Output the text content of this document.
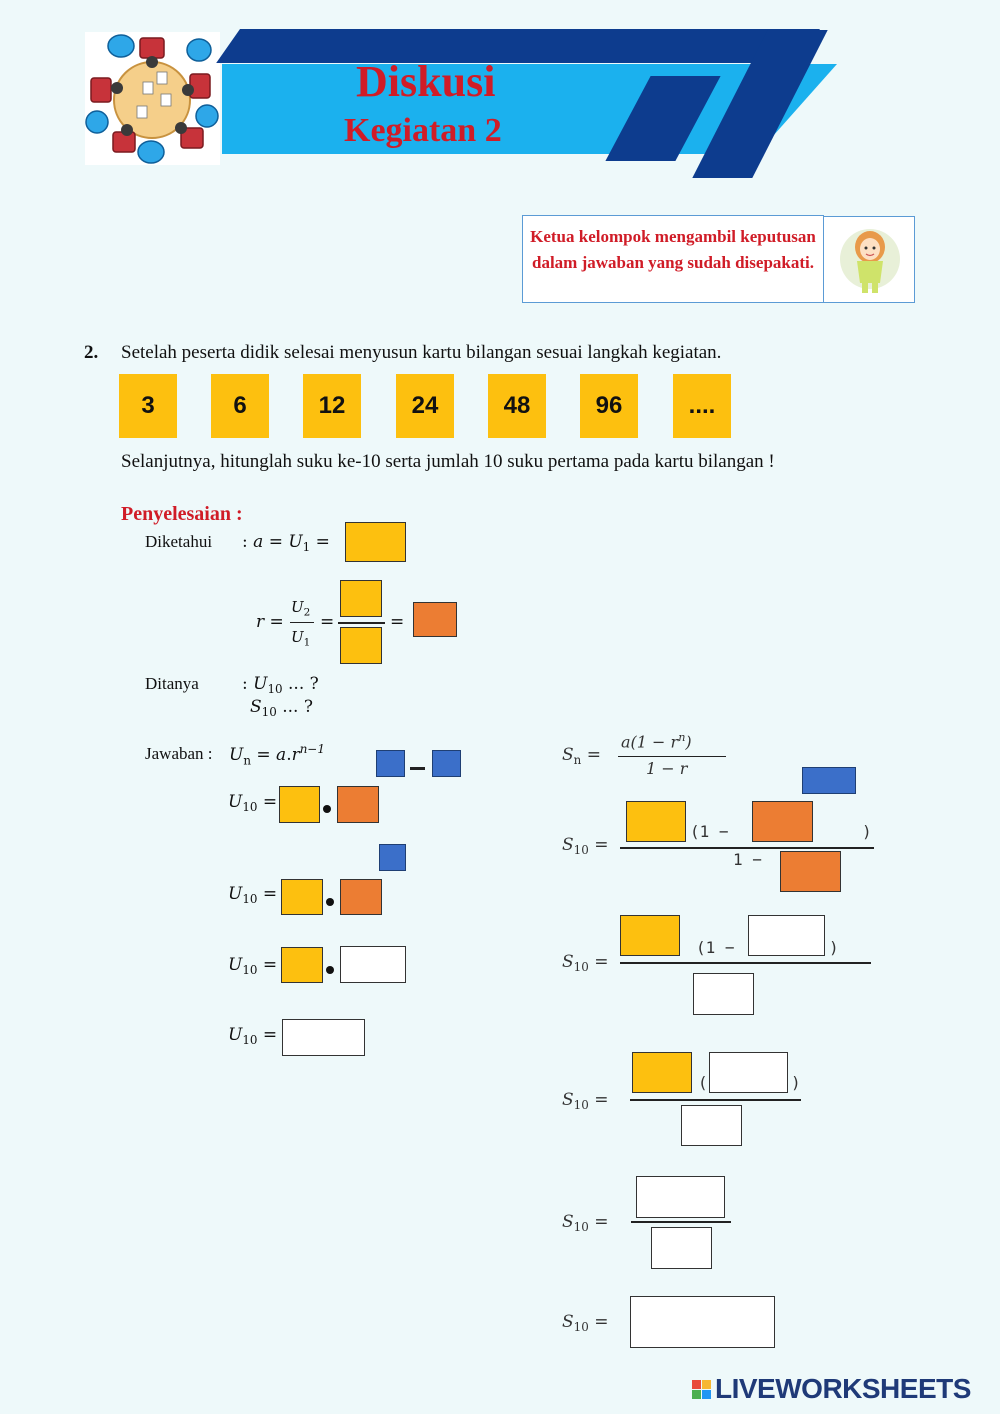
Diskusi
Kegiatan 2
Ketua kelompok mengambil keputusan dalam jawaban yang sudah disepakati.
2. Setelah peserta didik selesai menyusun kartu bilangan sesuai langkah kegiatan.
3	6	12	24	48	96	....
Selanjutnya, hitunglah suku ke-10 serta jumlah 10 suku pertama pada kartu bilangan !
Penyelesaian :
Diketahui : $a = U_1$ =
r =
$U_2$
$U_1$
=	=
Ditanya	: $U_{10}$ ... ?
$S_{10}$ ... ?
Jawaban : $U_n = a.r^{n-1}$
$U_{10}$ =
$U_{10}$ =
$U_{10}$ =
$U_{10}$ =
$S_n$ =
$a(1 - r^n)$
1 − r
$S_{10}$ =
(1 −	)
1 −
$S_{10}$ =
(1 −	)
$S_{10}$ =
(	)
$S_{10}$ =
$S_{10}$ =
LIVEWORKSHEETS
